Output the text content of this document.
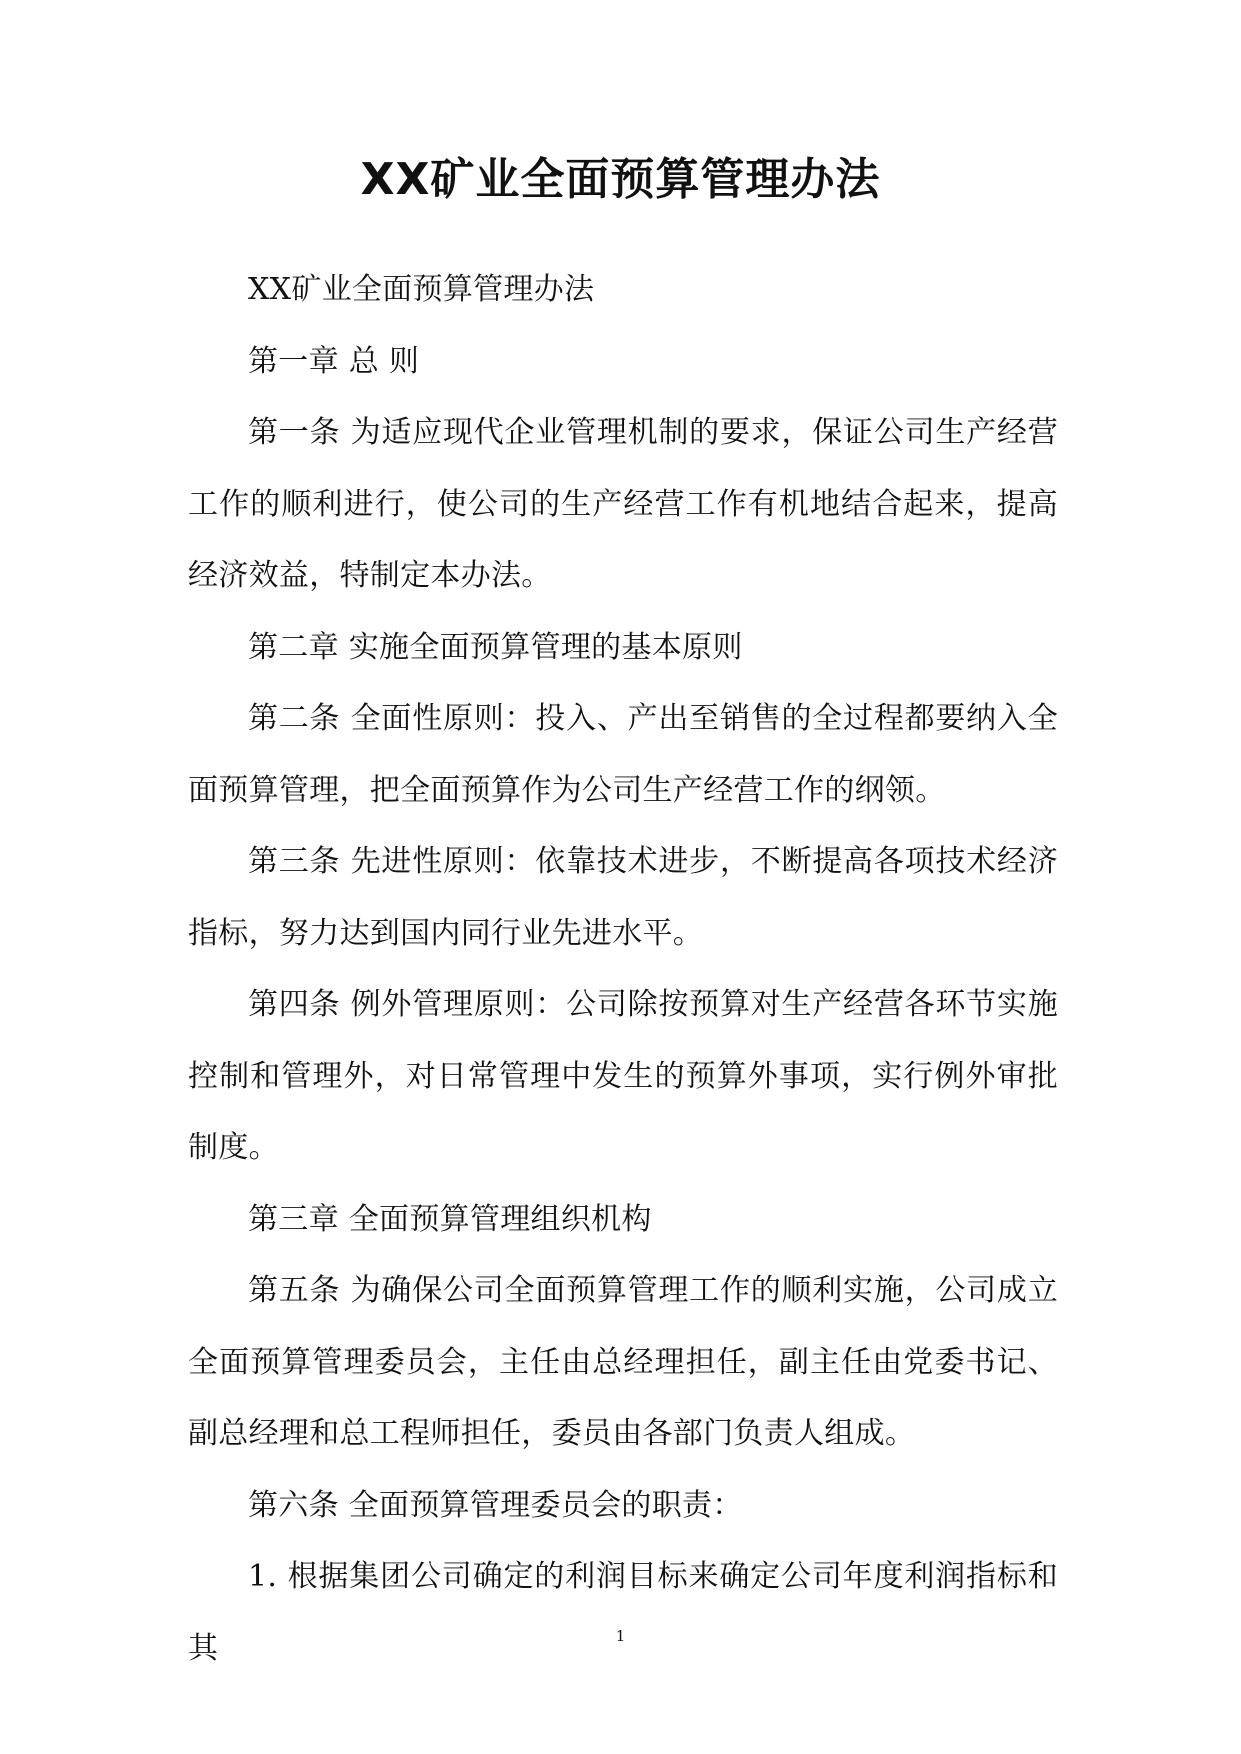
XX矿业全面预算管理办法

XX矿业全面预算管理办法

第一章 总 则

第一条 为适应现代企业管理机制的要求，保证公司生产经营工作的顺利进行，使公司的生产经营工作有机地结合起来，提高经济效益，特制定本办法。

第二章 实施全面预算管理的基本原则

第二条 全面性原则：投入、产出至销售的全过程都要纳入全面预算管理，把全面预算作为公司生产经营工作的纲领。

第三条 先进性原则：依靠技术进步，不断提高各项技术经济指标，努力达到国内同行业先进水平。

第四条 例外管理原则：公司除按预算对生产经营各环节实施控制和管理外，对日常管理中发生的预算外事项，实行例外审批制度。

第三章 全面预算管理组织机构

第五条 为确保公司全面预算管理工作的顺利实施，公司成立全面预算管理委员会，主任由总经理担任，副主任由党委书记、副总经理和总工程师担任，委员由各部门负责人组成。

第六条 全面预算管理委员会的职责：

1. 根据集团公司确定的利润目标来确定公司年度利润指标和其	1
